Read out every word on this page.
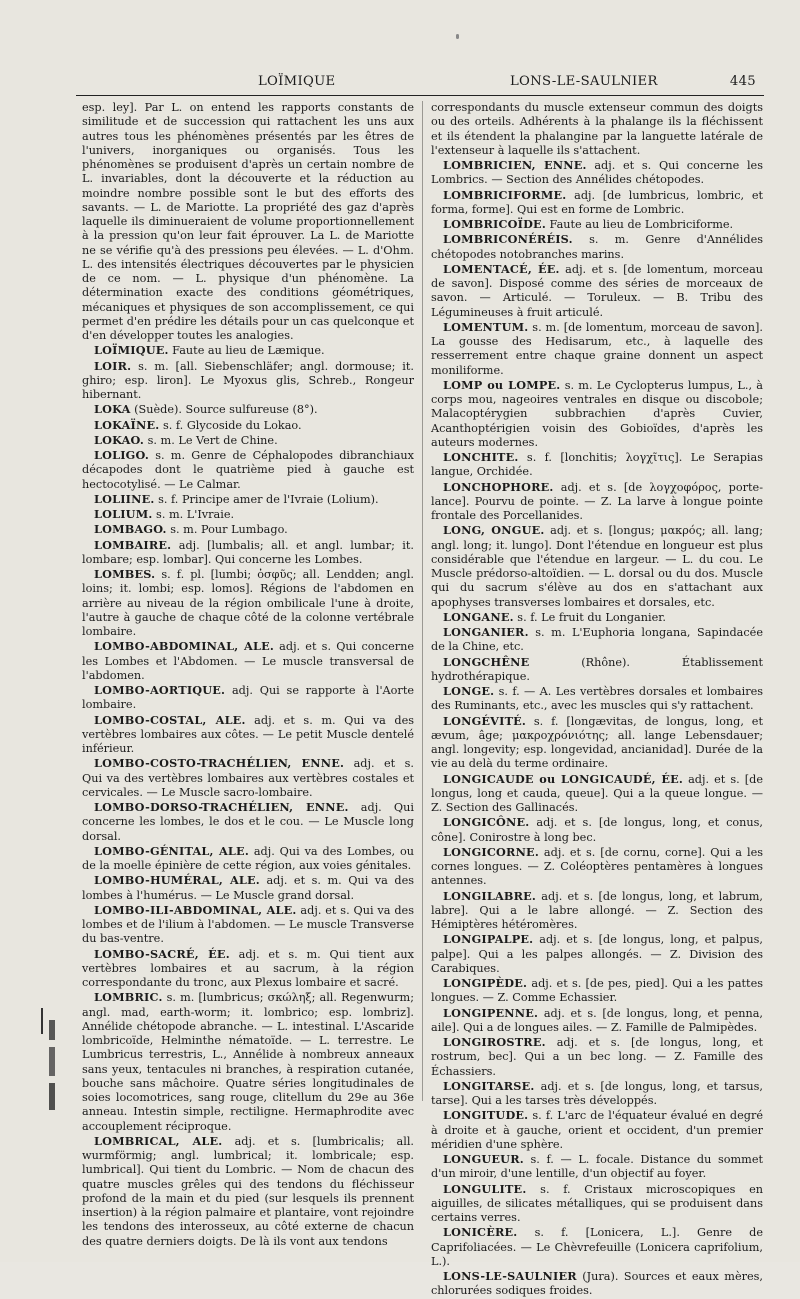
LOÏMIQUE	LONS-LE-SAULNIER	445

esp. ley]. Par L. on entend les rapports constants de similitude et de succession qui rattachent les uns aux autres tous les phénomènes présentés par les êtres de l'univers, inorganiques ou organisés. Tous les phénomènes se produisent d'après un certain nombre de L. invariables, dont la découverte et la réduction au moindre nombre possible sont le but des efforts des savants. — L. de Mariotte. La propriété des gaz d'après laquelle ils diminueraient de volume proportionnellement à la pression qu'on leur fait éprouver. La L. de Mariotte ne se vérifie qu'à des pressions peu élevées. — L. d'Ohm. L. des intensités électriques découvertes par le physicien de ce nom. — L. physique d'un phénomène. La détermination exacte des conditions géométriques, mécaniques et physiques de son accomplissement, ce qui permet d'en prédire les détails pour un cas quelconque et d'en développer toutes les analogies.

LOÏMIQUE. Faute au lieu de Læmique.

LOIR. s. m. [all. Siebenschläfer; angl. dormouse; it. ghiro; esp. liron]. Le Myoxus glis, Schreb., Rongeur hibernant.

LOKA (Suède). Source sulfureuse (8°).

LOKAÏNE. s. f. Glycoside du Lokao.

LOKAO. s. m. Le Vert de Chine.

LOLIGO. s. m. Genre de Céphalopodes dibranchiaux décapodes dont le quatrième pied à gauche est hectocotylisé. — Le Calmar.

LOLIINE. s. f. Principe amer de l'Ivraie (Lolium).

LOLIUM. s. m. L'Ivraie.

LOMBAGO. s. m. Pour Lumbago.

LOMBAIRE. adj. [lumbalis; all. et angl. lumbar; it. lombare; esp. lombar]. Qui concerne les Lombes.

LOMBES. s. f. pl. [lumbi; ὀσφῦς; all. Lendden; angl. loins; it. lombi; esp. lomos]. Régions de l'abdomen en arrière au niveau de la région ombilicale l'une à droite, l'autre à gauche de chaque côté de la colonne vertébrale lombaire.

LOMBO-ABDOMINAL, ALE. adj. et s. Qui concerne les Lombes et l'Abdomen. — Le muscle transversal de l'abdomen.

LOMBO-AORTIQUE. adj. Qui se rapporte à l'Aorte lombaire.

LOMBO-COSTAL, ALE. adj. et s. m. Qui va des vertèbres lombaires aux côtes. — Le petit Muscle dentelé inférieur.

LOMBO-COSTO-TRACHÉLIEN, ENNE. adj. et s. Qui va des vertèbres lombaires aux vertèbres costales et cervicales. — Le Muscle sacro-lombaire.

LOMBO-DORSO-TRACHÉLIEN, ENNE. adj. Qui concerne les lombes, le dos et le cou. — Le Muscle long dorsal.

LOMBO-GÉNITAL, ALE. adj. Qui va des Lombes, ou de la moelle épinière de cette région, aux voies génitales.

LOMBO-HUMÉRAL, ALE. adj. et s. m. Qui va des lombes à l'humérus. — Le Muscle grand dorsal.

LOMBO-ILI-ABDOMINAL, ALE. adj. et s. Qui va des lombes et de l'ilium à l'abdomen. — Le muscle Transverse du bas-ventre.

LOMBO-SACRÉ, ÉE. adj. et s. m. Qui tient aux vertèbres lombaires et au sacrum, à la région correspondante du tronc, aux Plexus lombaire et sacré.

LOMBRIC. s. m. [lumbricus; σκώληξ; all. Regenwurm; angl. mad, earth-worm; it. lombrico; esp. lombriz]. Annélide chétopode abranche. — L. intestinal. L'Ascaride lombricoïde, Helminthe nématoïde. — L. terrestre. Le Lumbricus terrestris, L., Annélide à nombreux anneaux sans yeux, tentacules ni branches, à respiration cutanée, bouche sans mâchoire. Quatre séries longitudinales de soies locomotrices, sang rouge, clitellum du 29e au 36e anneau. Intestin simple, rectiligne. Hermaphrodite avec accouplement réciproque.

LOMBRICAL, ALE. adj. et s. [lumbricalis; all. wurmförmig; angl. lumbrical; it. lombricale; esp. lumbrical]. Qui tient du Lombric. — Nom de chacun des quatre muscles grêles qui des tendons du fléchisseur profond de la main et du pied (sur lesquels ils prennent insertion) à la région palmaire et plantaire, vont rejoindre les tendons des interosseux, au côté externe de chacun des quatre derniers doigts. De là ils vont aux tendons

correspondants du muscle extenseur commun des doigts ou des orteils. Adhérents à la phalange ils la fléchissent et ils étendent la phalangine par la languette latérale de l'extenseur à laquelle ils s'attachent.

LOMBRICIEN, ENNE. adj. et s. Qui concerne les Lombrics. — Section des Annélides chétopodes.

LOMBRICIFORME. adj. [de lumbricus, lombric, et forma, forme]. Qui est en forme de Lombric.

LOMBRICOÏDE. Faute au lieu de Lombriciforme.

LOMBRICONÉRÉIS. s. m. Genre d'Annélides chétopodes notobranches marins.

LOMENTACÉ, ÉE. adj. et s. [de lomentum, morceau de savon]. Disposé comme des séries de morceaux de savon. — Articulé. — Toruleux. — B. Tribu des Légumineuses à fruit articulé.

LOMENTUM. s. m. [de lomentum, morceau de savon]. La gousse des Hedisarum, etc., à laquelle des resserrement entre chaque graine donnent un aspect moniliforme.

LOMP ou LOMPE. s. m. Le Cyclopterus lumpus, L., à corps mou, nageoires ventrales en disque ou discobole; Malacoptérygien subbrachien d'après Cuvier, Acanthoptérigien voisin des Gobioïdes, d'après les auteurs modernes.

LONCHITE. s. f. [lonchitis; λογχῖτις]. Le Serapias langue, Orchidée.

LONCHOPHORE. adj. et s. [de λογχοφόρος, porte-lance]. Pourvu de pointe. — Z. La larve à longue pointe frontale des Porcellanides.

LONG, ONGUE. adj. et s. [longus; μακρός; all. lang; angl. long; it. lungo]. Dont l'étendue en longueur est plus considérable que l'étendue en largeur. — L. du cou. Le Muscle prédorso-altoïdien. — L. dorsal ou du dos. Muscle qui du sacrum s'élève au dos en s'attachant aux apophyses transverses lombaires et dorsales, etc.

LONGANE. s. f. Le fruit du Longanier.

LONGANIER. s. m. L'Euphoria longana, Sapindacée de la Chine, etc.

LONGCHÊNE	(Rhône). Établissement hydrothérapique.

LONGE. s. f. — A. Les vertèbres dorsales et lombaires des Ruminants, etc., avec les muscles qui s'y rattachent.

LONGÉVITÉ. s. f. [longævitas, de longus, long, et ævum, âge; μακροχρόνιότης; all. lange Lebensdauer; angl. longevity; esp. longevidad, ancianidad]. Durée de la vie au delà du terme ordinaire.

LONGICAUDE ou LONGICAUDÉ, ÉE. adj. et s. [de longus, long et cauda, queue]. Qui a la queue longue. — Z. Section des Gallinacés.

LONGICÔNE. adj. et s. [de longus, long, et conus, cône]. Conirostre à long bec.

LONGICORNE. adj. et s. [de cornu, corne]. Qui a les cornes longues. — Z. Coléoptères pentamères à longues antennes.

LONGILABRE. adj. et s. [de longus, long, et labrum, labre]. Qui a le labre allongé. — Z. Section des Hémiptères hétéromères.

LONGIPALPE. adj. et s. [de longus, long, et palpus, palpe]. Qui a les palpes allongés. — Z. Division des Carabiques.

LONGIPÈDE. adj. et s. [de pes, pied]. Qui a les pattes longues. — Z. Comme Echassier.

LONGIPENNE. adj. et s. [de longus, long, et penna, aile]. Qui a de longues ailes. — Z. Famille de Palmipèdes.

LONGIROSTRE. adj. et s. [de longus, long, et rostrum, bec]. Qui a un bec long. — Z. Famille des Échassiers.

LONGITARSE. adj. et s. [de longus, long, et tarsus, tarse]. Qui a les tarses très développés.

LONGITUDE. s. f. L'arc de l'équateur évalué en degré à droite et à gauche, orient et occident, d'un premier méridien d'une sphère.

LONGUEUR. s. f. — L. focale. Distance du sommet d'un miroir, d'une lentille, d'un objectif au foyer.

LONGULITE. s. f. Cristaux microscopiques en aiguilles, de silicates métalliques, qui se produisent dans certains verres.

LONICÈRE. s. f. [Lonicera, L.]. Genre de Caprifoliacées. — Le Chèvrefeuille (Lonicera caprifolium, L.).

LONS-LE-SAULNIER (Jura). Sources et eaux mères, chlorurées sodiques froides.
